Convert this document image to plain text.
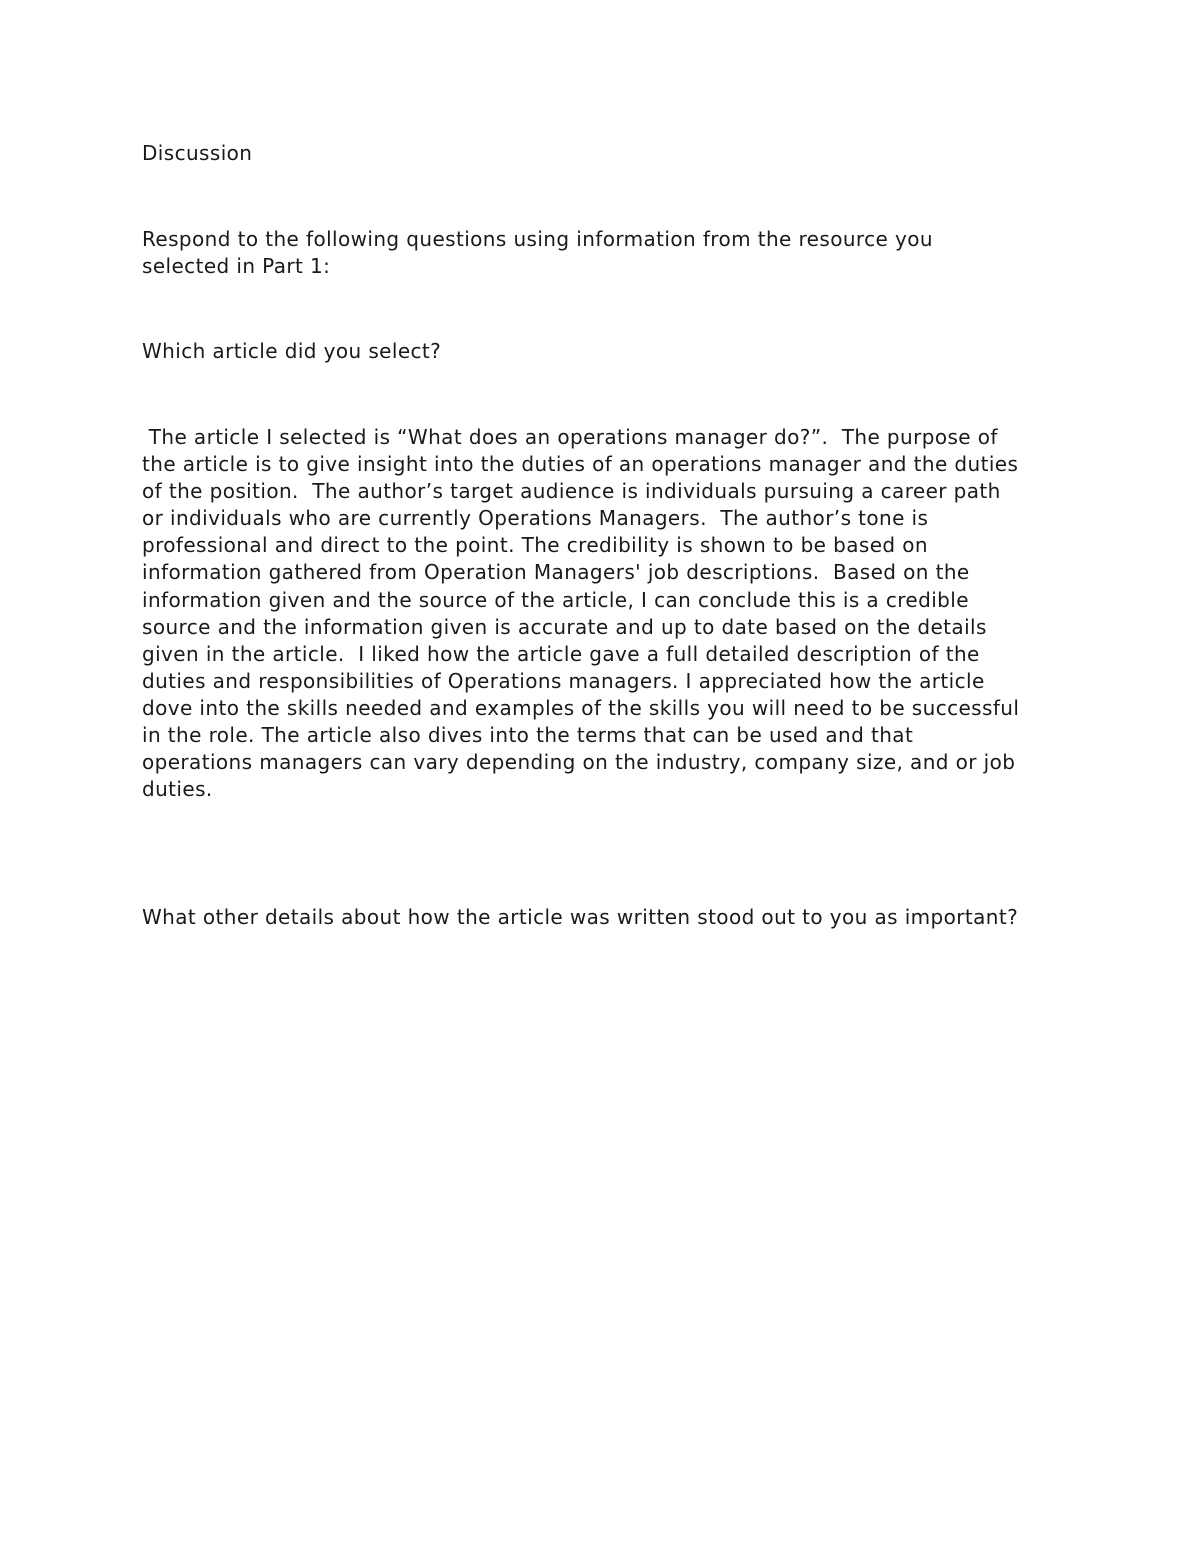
Discussion
Respond to the following questions using information from the resource you
selected in Part 1:
Which article did you select?
The article I selected is “What does an operations manager do?”.  The purpose of
the article is to give insight into the duties of an operations manager and the duties
of the position.  The author’s target audience is individuals pursuing a career path
or individuals who are currently Operations Managers.  The author’s tone is
professional and direct to the point. The credibility is shown to be based on
information gathered from Operation Managers' job descriptions.  Based on the
information given and the source of the article, I can conclude this is a credible
source and the information given is accurate and up to date based on the details
given in the article.  I liked how the article gave a full detailed description of the
duties and responsibilities of Operations managers. I appreciated how the article
dove into the skills needed and examples of the skills you will need to be successful
in the role. The article also dives into the terms that can be used and that
operations managers can vary depending on the industry, company size, and or job
duties.
What other details about how the article was written stood out to you as important?
